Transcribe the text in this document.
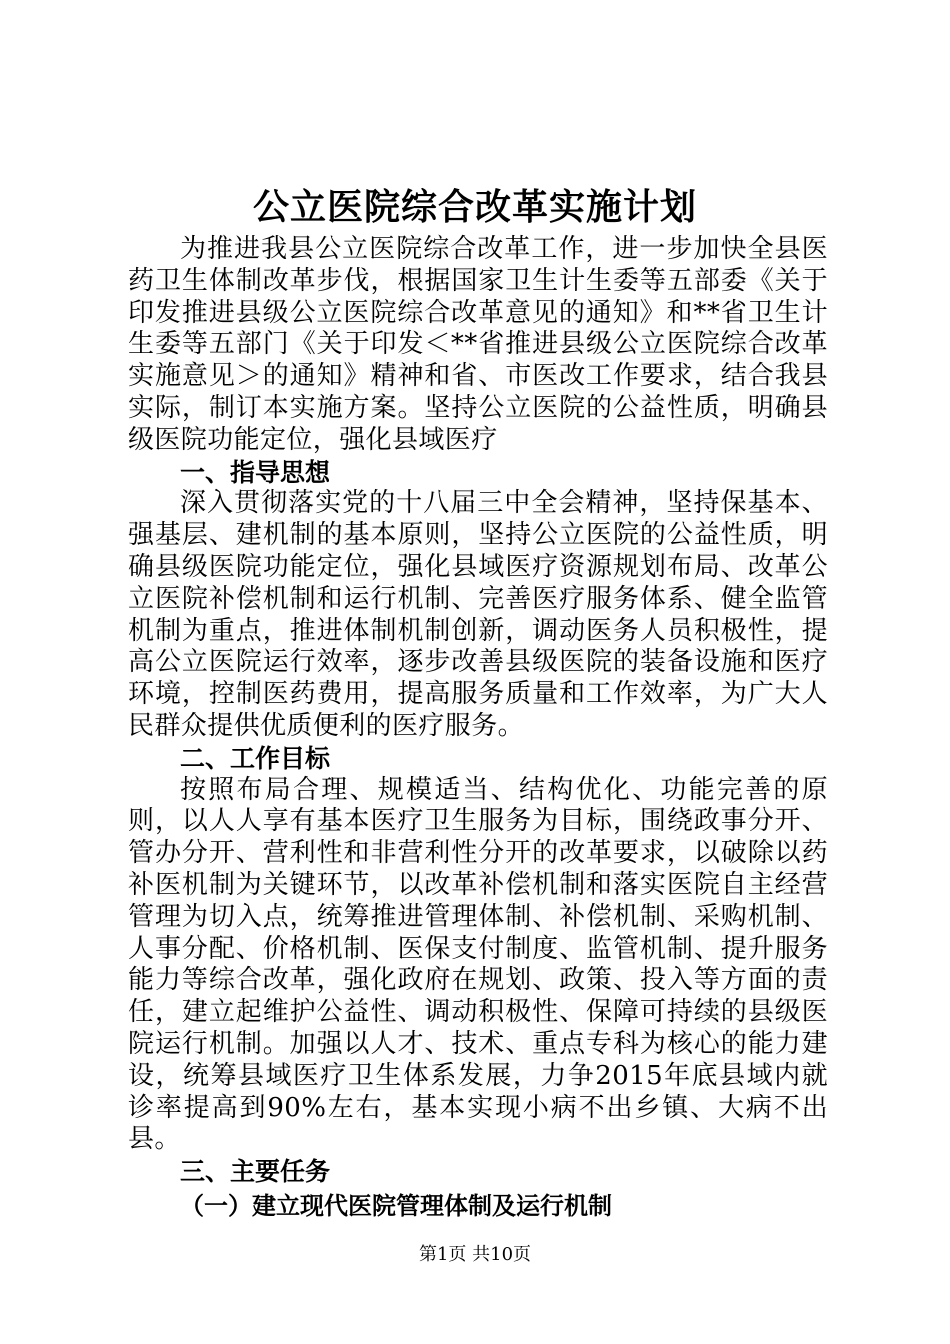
公立医院综合改革实施计划

为推进我县公立医院综合改革工作，进一步加快全县医药卫生体制改革步伐，根据国家卫生计生委等五部委《关于印发推进县级公立医院综合改革意见的通知》和**省卫生计生委等五部门《关于印发＜**省推进县级公立医院综合改革实施意见＞的通知》精神和省、市医改工作要求，结合我县实际，制订本实施方案。坚持公立医院的公益性质，明确县级医院功能定位，强化县域医疗

一、指导思想

深入贯彻落实党的十八届三中全会精神，坚持保基本、强基层、建机制的基本原则，坚持公立医院的公益性质，明确县级医院功能定位，强化县域医疗资源规划布局、改革公立医院补偿机制和运行机制、完善医疗服务体系、健全监管机制为重点，推进体制机制创新，调动医务人员积极性，提高公立医院运行效率，逐步改善县级医院的装备设施和医疗环境，控制医药费用，提高服务质量和工作效率，为广大人民群众提供优质便利的医疗服务。

二、工作目标

按照布局合理、规模适当、结构优化、功能完善的原则，以人人享有基本医疗卫生服务为目标，围绕政事分开、管办分开、营利性和非营利性分开的改革要求，以破除以药补医机制为关键环节，以改革补偿机制和落实医院自主经营管理为切入点，统筹推进管理体制、补偿机制、采购机制、人事分配、价格机制、医保支付制度、监管机制、提升服务能力等综合改革，强化政府在规划、政策、投入等方面的责任，建立起维护公益性、调动积极性、保障可持续的县级医院运行机制。加强以人才、技术、重点专科为核心的能力建设，统筹县域医疗卫生体系发展，力争2015年底县域内就诊率提高到90%左右，基本实现小病不出乡镇、大病不出县。

三、主要任务

（一）建立现代医院管理体制及运行机制

第1页 共10页
